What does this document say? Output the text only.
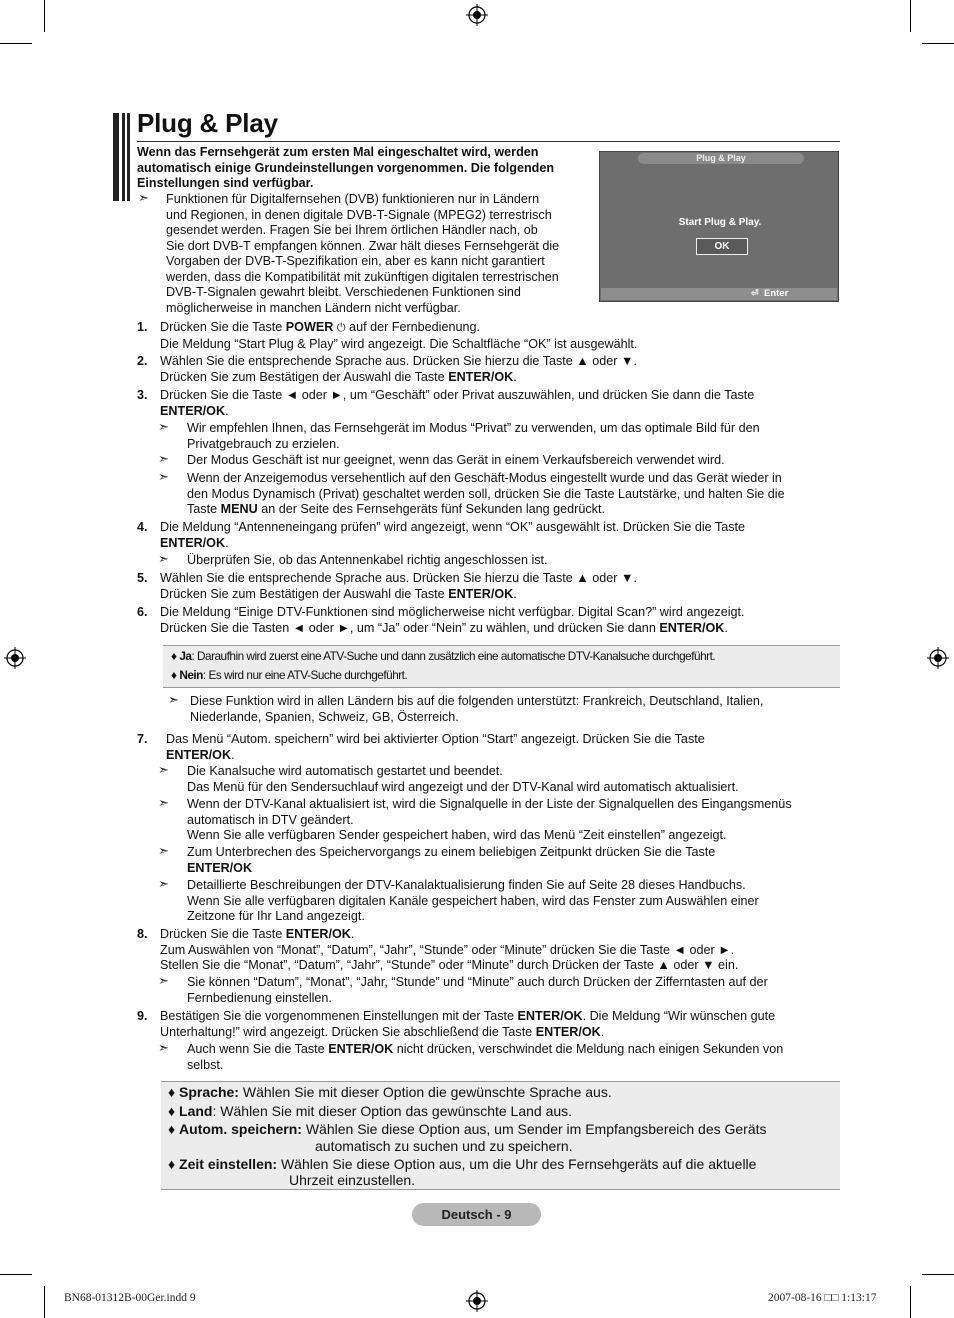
Plug & Play
Wenn das Fernsehgerät zum ersten Mal eingeschaltet wird, werden automatisch einige Grundeinstellungen vorgenommen. Die folgenden Einstellungen sind verfügbar.
➣ Funktionen für Digitalfernsehen (DVB) funktionieren nur in Ländern
und Regionen, in denen digitale DVB-T-Signale (MPEG2) terrestrisch
gesendet werden. Fragen Sie bei Ihrem örtlichen Händler nach, ob
Sie dort DVB-T empfangen können. Zwar hält dieses Fernsehgerät die
Vorgaben der DVB-T-Spezifikation ein, aber es kann nicht garantiert
werden, dass die Kompatibilität mit zukünftigen digitalen terrestrischen
DVB-T-Signalen gewahrt bleibt. Verschiedenen Funktionen sind
möglicherweise in manchen Ländern nicht verfügbar.
Plug & Play
Start Plug & Play.
OK
⏎ Enter
1. Drücken Sie die Taste POWER ⏻ auf der Fernbedienung.
Die Meldung “Start Plug & Play” wird angezeigt. Die Schaltfläche “OK” ist ausgewählt.
2. Wählen Sie die entsprechende Sprache aus. Drücken Sie hierzu die Taste ▲ oder ▼.
Drücken Sie zum Bestätigen der Auswahl die Taste ENTER/OK.
3. Drücken Sie die Taste ◄ oder ►, um “Geschäft” oder Privat auszuwählen, und drücken Sie dann die Taste
ENTER/OK.
➣ Wir empfehlen Ihnen, das Fernsehgerät im Modus “Privat” zu verwenden, um das optimale Bild für den
Privatgebrauch zu erzielen.
➣ Der Modus Geschäft ist nur geeignet, wenn das Gerät in einem Verkaufsbereich verwendet wird.
➣ Wenn der Anzeigemodus versehentlich auf den Geschäft-Modus eingestellt wurde und das Gerät wieder in
den Modus Dynamisch (Privat) geschaltet werden soll, drücken Sie die Taste Lautstärke, und halten Sie die
Taste MENU an der Seite des Fernsehgeräts fünf Sekunden lang gedrückt.
4. Die Meldung “Antenneneingang prüfen” wird angezeigt, wenn “OK” ausgewählt ist. Drücken Sie die Taste
ENTER/OK.
➣ Überprüfen Sie, ob das Antennenkabel richtig angeschlossen ist.
5. Wählen Sie die entsprechende Sprache aus. Drücken Sie hierzu die Taste ▲ oder ▼.
Drücken Sie zum Bestätigen der Auswahl die Taste ENTER/OK.
6. Die Meldung “Einige DTV-Funktionen sind möglicherweise nicht verfügbar. Digital Scan?” wird angezeigt.
Drücken Sie die Tasten ◄ oder ►, um “Ja” oder “Nein” zu wählen, und drücken Sie dann ENTER/OK.
♦ Ja: Daraufhin wird zuerst eine ATV-Suche und dann zusätzlich eine automatische DTV-Kanalsuche durchgeführt.
♦ Nein: Es wird nur eine ATV-Suche durchgeführt.
➣ Diese Funktion wird in allen Ländern bis auf die folgenden unterstützt: Frankreich, Deutschland, Italien,
Niederlande, Spanien, Schweiz, GB, Österreich.
7. Das Menü “Autom. speichern” wird bei aktivierter Option “Start” angezeigt. Drücken Sie die Taste
ENTER/OK.
➣ Die Kanalsuche wird automatisch gestartet und beendet.
Das Menü für den Sendersuchlauf wird angezeigt und der DTV-Kanal wird automatisch aktualisiert.
➣ Wenn der DTV-Kanal aktualisiert ist, wird die Signalquelle in der Liste der Signalquellen des Eingangsmenüs
automatisch in DTV geändert.
Wenn Sie alle verfügbaren Sender gespeichert haben, wird das Menü “Zeit einstellen” angezeigt.
➣ Zum Unterbrechen des Speichervorgangs zu einem beliebigen Zeitpunkt drücken Sie die Taste
ENTER/OK
➣ Detaillierte Beschreibungen der DTV-Kanalaktualisierung finden Sie auf Seite 28 dieses Handbuchs.
Wenn Sie alle verfügbaren digitalen Kanäle gespeichert haben, wird das Fenster zum Auswählen einer
Zeitzone für Ihr Land angezeigt.
8. Drücken Sie die Taste ENTER/OK.
Zum Auswählen von “Monat”, “Datum”, “Jahr”, “Stunde” oder “Minute” drücken Sie die Taste ◄ oder ►.
Stellen Sie die “Monat”, “Datum”, “Jahr”, “Stunde” oder “Minute” durch Drücken der Taste ▲ oder ▼ ein.
➣ Sie können “Datum”, “Monat”, “Jahr, “Stunde” und “Minute” auch durch Drücken der Zifferntasten auf der
Fernbedienung einstellen.
9. Bestätigen Sie die vorgenommenen Einstellungen mit der Taste ENTER/OK. Die Meldung “Wir wünschen gute
Unterhaltung!” wird angezeigt. Drücken Sie abschließend die Taste ENTER/OK.
➣ Auch wenn Sie die Taste ENTER/OK nicht drücken, verschwindet die Meldung nach einigen Sekunden von
selbst.
♦ Sprache: Wählen Sie mit dieser Option die gewünschte Sprache aus.
♦ Land: Wählen Sie mit dieser Option das gewünschte Land aus.
♦ Autom. speichern: Wählen Sie diese Option aus, um Sender im Empfangsbereich des Geräts
automatisch zu suchen und zu speichern.
♦ Zeit einstellen: Wählen Sie diese Option aus, um die Uhr des Fernsehgeräts auf die aktuelle
Uhrzeit einzustellen.
Deutsch - 9
BN68-01312B-00Ger.indd 9	2007-08-16 □□ 1:13:17
